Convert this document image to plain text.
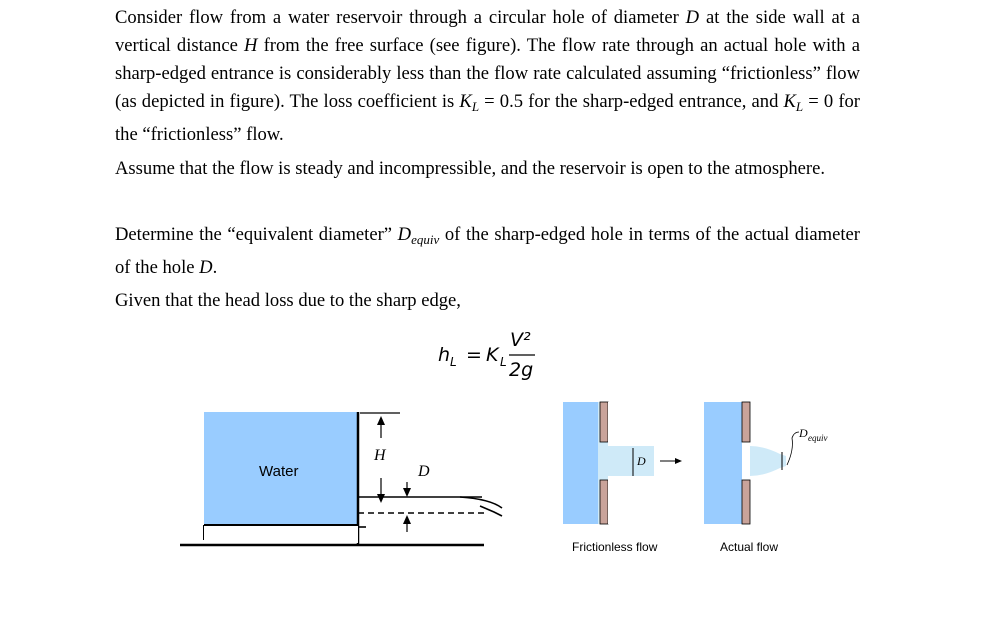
Consider flow from a water reservoir through a circular hole of diameter D at the side wall at a vertical distance H from the free surface (see figure). The flow rate through an actual hole with a sharp-edged entrance is considerably less than the flow rate calculated assuming “frictionless” flow (as depicted in figure). The loss coefficient is $K_L = 0.5$ for the sharp-edged entrance, and $K_L = 0$ for the “frictionless” flow.

Assume that the flow is steady and incompressible, and the reservoir is open to the atmosphere.

Determine the “equivalent diameter” $D_{equiv}$ of the sharp-edged hole in terms of the actual diameter of the hole D.

Given that the head loss due to the sharp edge,

h L = K L
V²
2g
Water
H
D
D
Frictionless flow
D equiv
Actual flow
